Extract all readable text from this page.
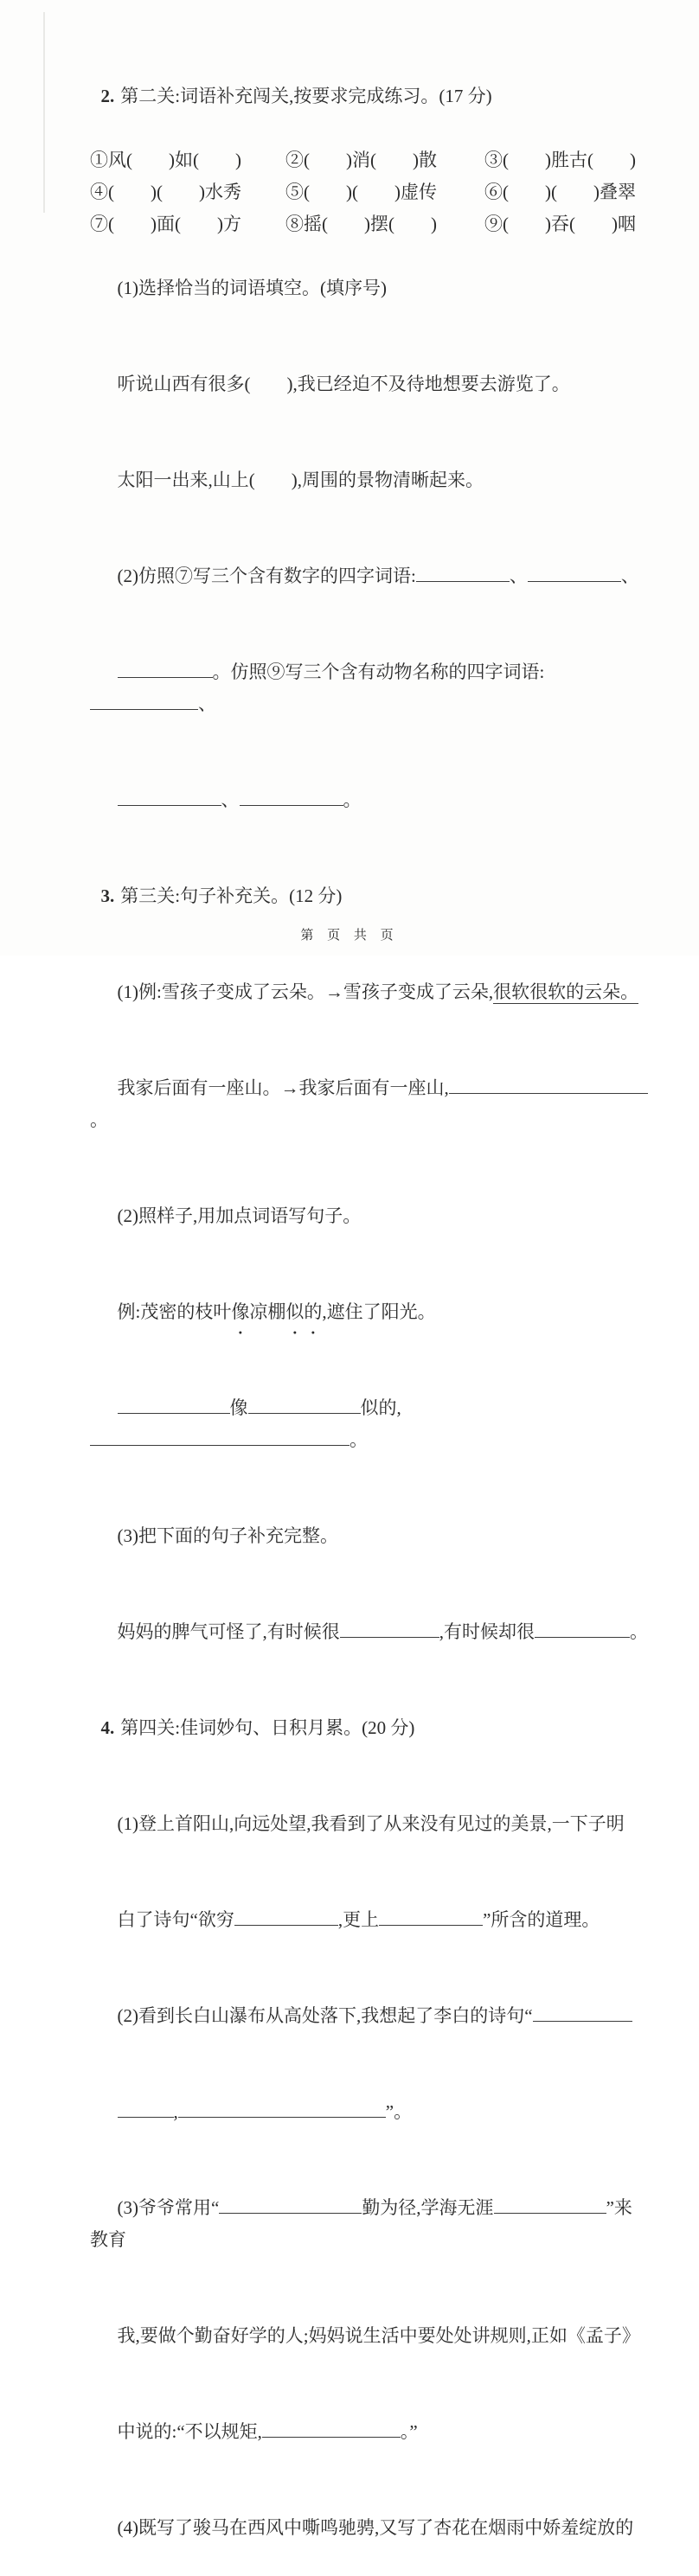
2. 第二关:词语补充闯关,按要求完成练习。(17 分)

①风(　　)如(　　)	②(　　)消(　　)散	③(　　)胜古(　　)
④(　　)(　　)水秀	⑤(　　)(　　)虚传	⑥(　　)(　　)叠翠
⑦(　　)面(　　)方	⑧摇(　　)摆(　　)	⑨(　　)吞(　　)咽

(1)选择恰当的词语填空。(填序号)

听说山西有很多(　　),我已经迫不及待地想要去游览了。

太阳一出来,山上(　　),周围的景物清晰起来。

(2)仿照⑦写三个含有数字的四字词语:	、	、

。仿照⑨写三个含有动物名称的四字词语:、

、	。

3. 第三关:句子补充关。(12 分)

(1)例:雪孩子变成了云朵。→雪孩子变成了云朵,很软很软的云朵。

我家后面有一座山。→我家后面有一座山,。

(2)照样子,用加点词语写句子。

例:茂密的枝叶像 ●凉棚似 ●的 ●,遮住了阳光。

像	似的,。

(3)把下面的句子补充完整。

妈妈的脾气可怪了,有时候很	,有时候却很	。

4. 第四关:佳词妙句、日积月累。(20 分)

(1)登上首阳山,向远处望,我看到了从来没有见过的美景,一下子明

白了诗句“欲穷	,更上	”所含的道理。

(2)看到长白山瀑布从高处落下,我想起了李白的诗句“

,	”。

(3)爷爷常用“	勤为径,学海无涯	”来教育

我,要做个勤奋好学的人;妈妈说生活中要处处讲规则,正如《孟子》

中说的:“不以规矩,	。”

(4)既写了骏马在西风中嘶鸣驰骋,又写了杏花在烟雨中娇羞绽放的

第 页 共 页
